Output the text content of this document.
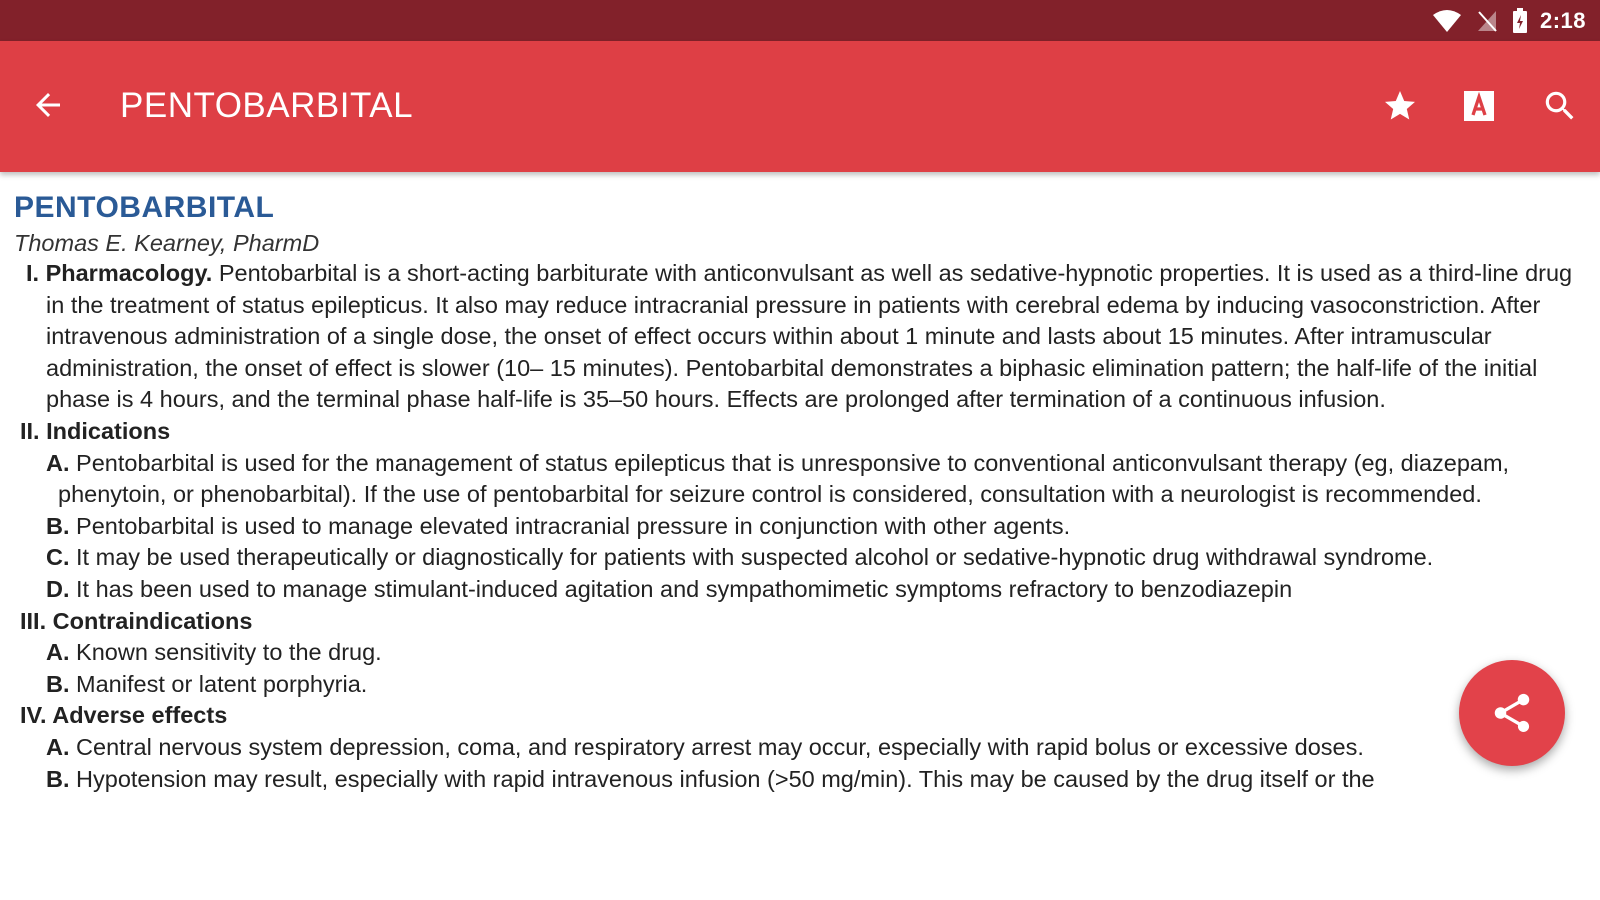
2:18
PENTOBARBITAL
PENTOBARBITAL
Thomas E. Kearney, PharmD
I. Pharmacology. Pentobarbital is a short-acting barbiturate with anticonvulsant as well as sedative-hypnotic properties. It is used as a third-line drug in the treatment of status epilepticus. It also may reduce intracranial pressure in patients with cerebral edema by inducing vasoconstriction. After intravenous administration of a single dose, the onset of effect occurs within about 1 minute and lasts about 15 minutes. After intramuscular administration, the onset of effect is slower (10– 15 minutes). Pentobarbital demonstrates a biphasic elimination pattern; the half-life of the initial phase is 4 hours, and the terminal phase half-life is 35–50 hours. Effects are prolonged after termination of a continuous infusion.
II. Indications
A. Pentobarbital is used for the management of status epilepticus that is unresponsive to conventional anticonvulsant therapy (eg, diazepam, phenytoin, or phenobarbital). If the use of pentobarbital for seizure control is considered, consultation with a neurologist is recommended.
B. Pentobarbital is used to manage elevated intracranial pressure in conjunction with other agents.
C. It may be used therapeutically or diagnostically for patients with suspected alcohol or sedative-hypnotic drug withdrawal syndrome.
D. It has been used to manage stimulant-induced agitation and sympathomimetic symptoms refractory to benzodiazepin
III. Contraindications
A. Known sensitivity to the drug.
B. Manifest or latent porphyria.
IV. Adverse effects
A. Central nervous system depression, coma, and respiratory arrest may occur, especially with rapid bolus or excessive doses.
B. Hypotension may result, especially with rapid intravenous infusion (>50 mg/min). This may be caused by the drug itself or the
